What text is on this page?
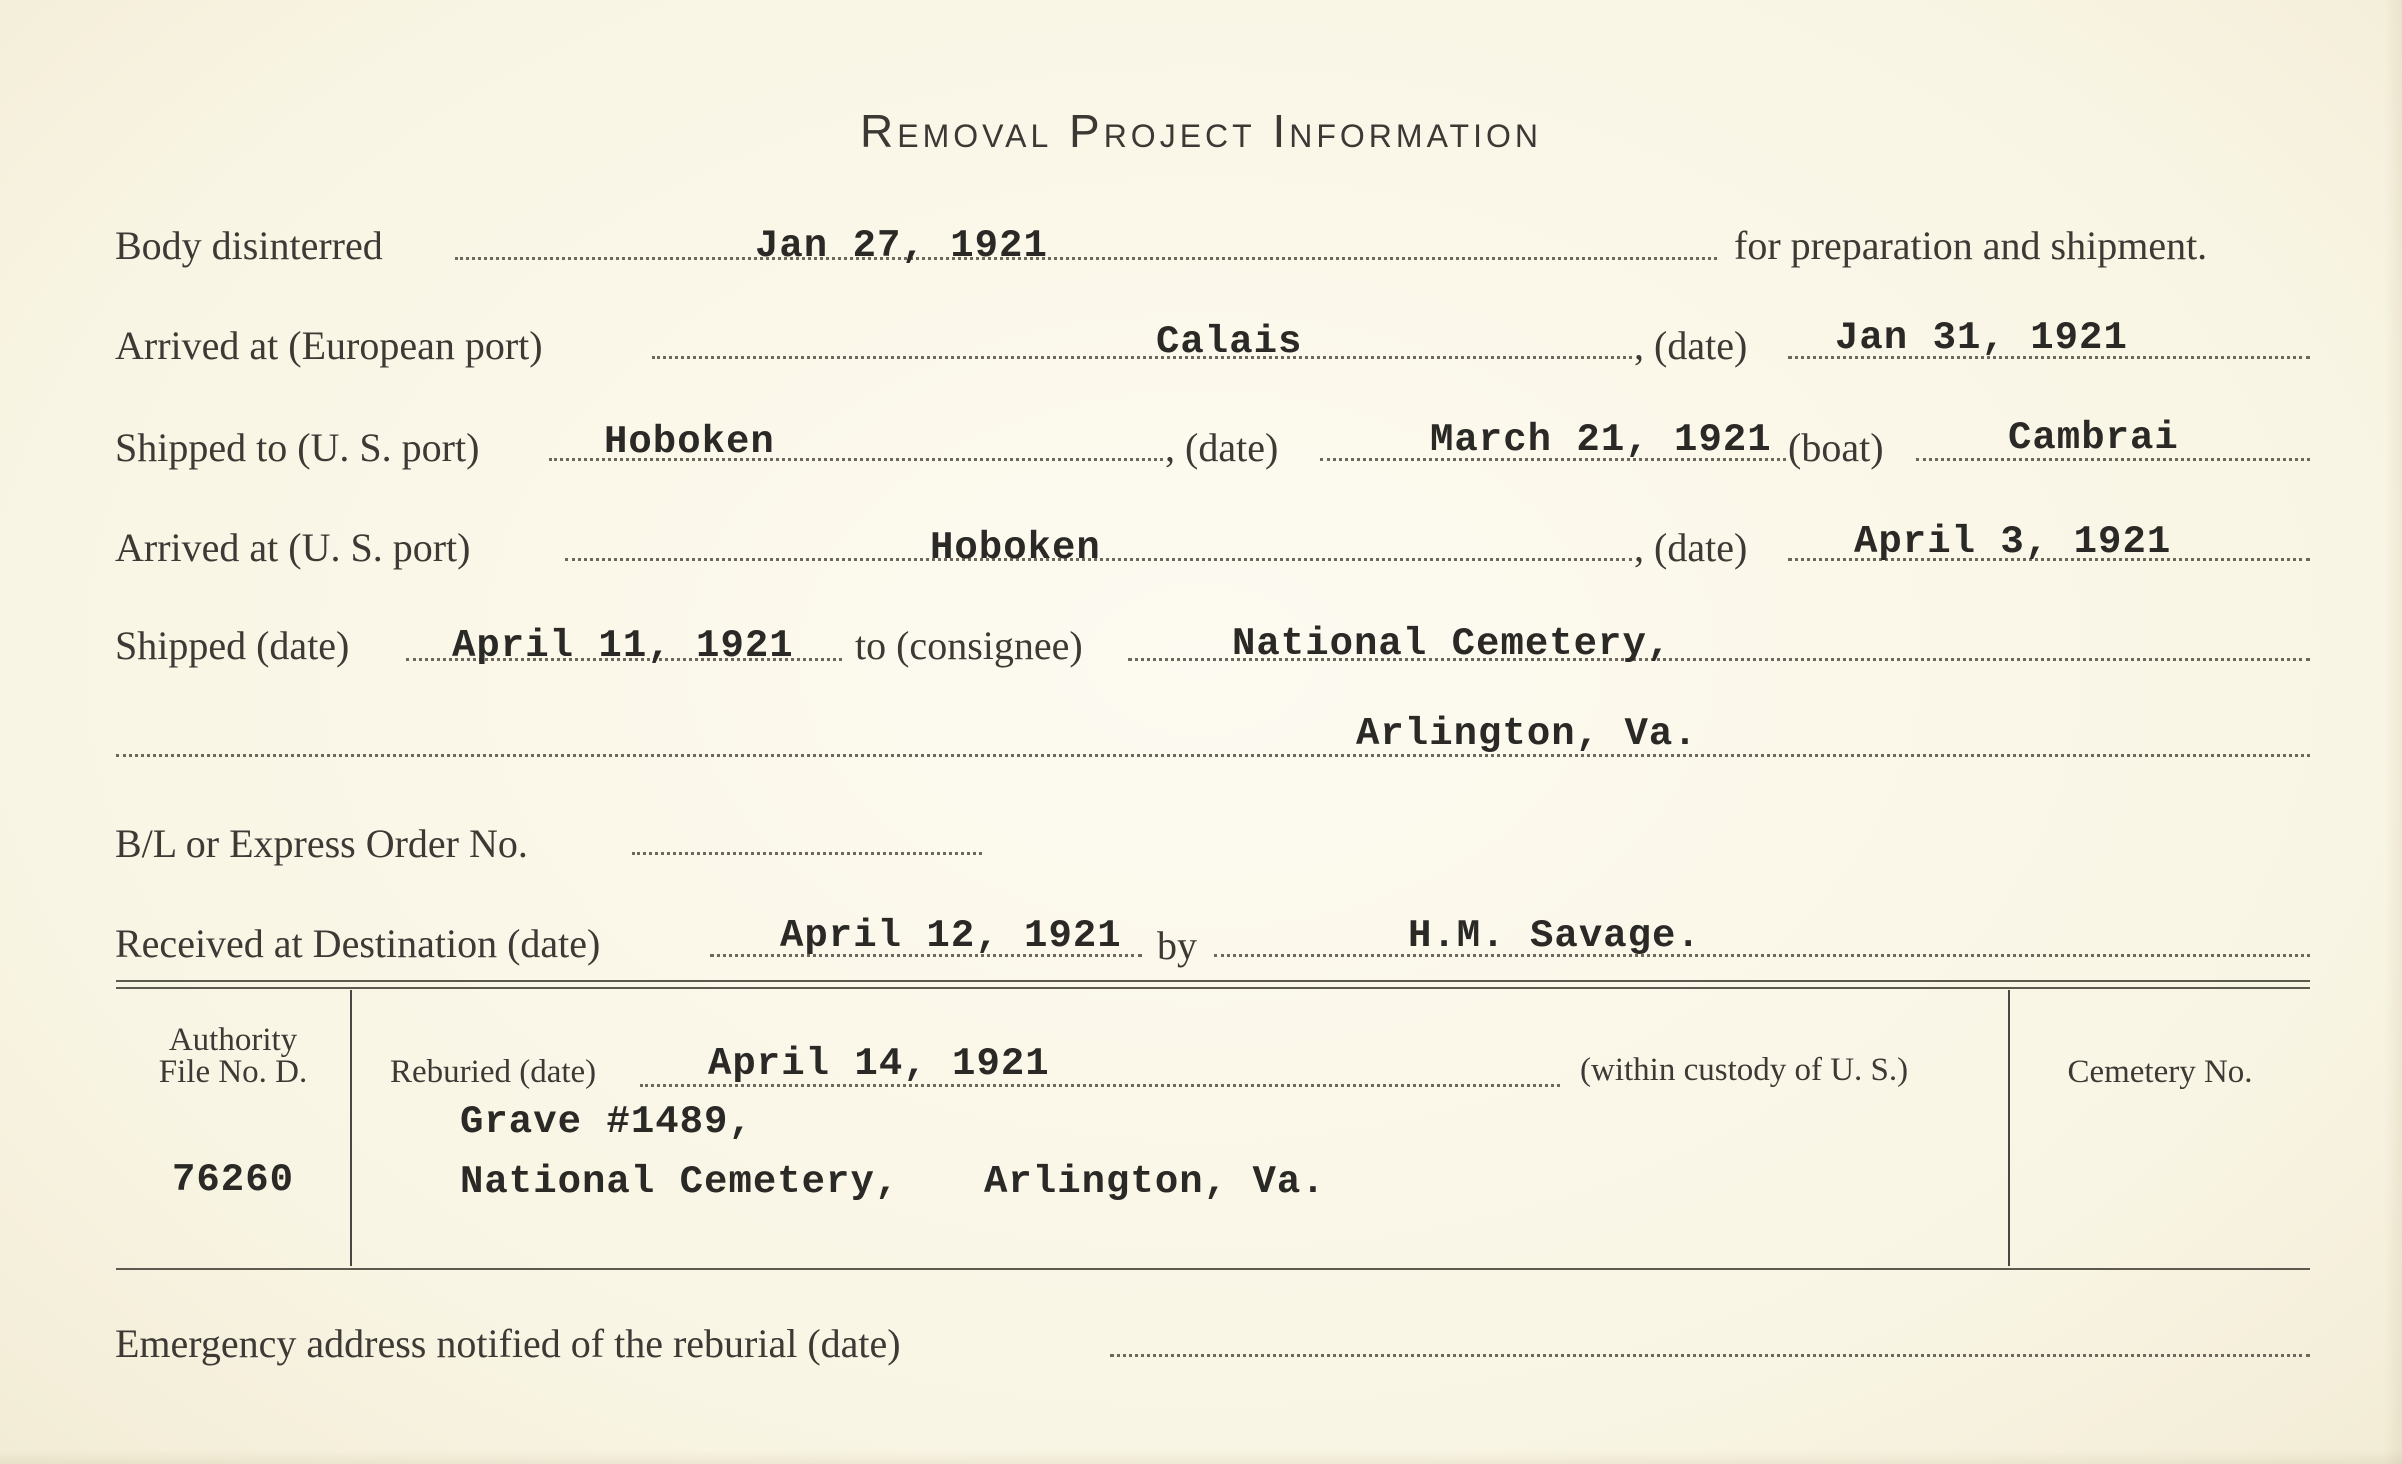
Removal Project Information
Body disinterred	Jan 27, 1921	for preparation and shipment.
Arrived at (European port)	Calais	, (date) Jan 31, 1921
Shipped to (U. S. port)	Hoboken	, (date)	March 21, 1921 (boat)	Cambrai
Arrived at (U. S. port)	Hoboken	, (date)	April 3, 1921
Shipped (date)	April 11, 1921 to (consignee)	National Cemetery,
Arlington, Va.
B/L or Express Order No.
Received at Destination (date)	April 12, 1921 by	H.M. Savage.
Authority
File No. D.
76260
Reburied (date)	April 14, 1921	(within custody of U. S.)
Grave #1489,
National Cemetery, Arlington, Va.
Cemetery No.
Emergency address notified of the reburial (date)
